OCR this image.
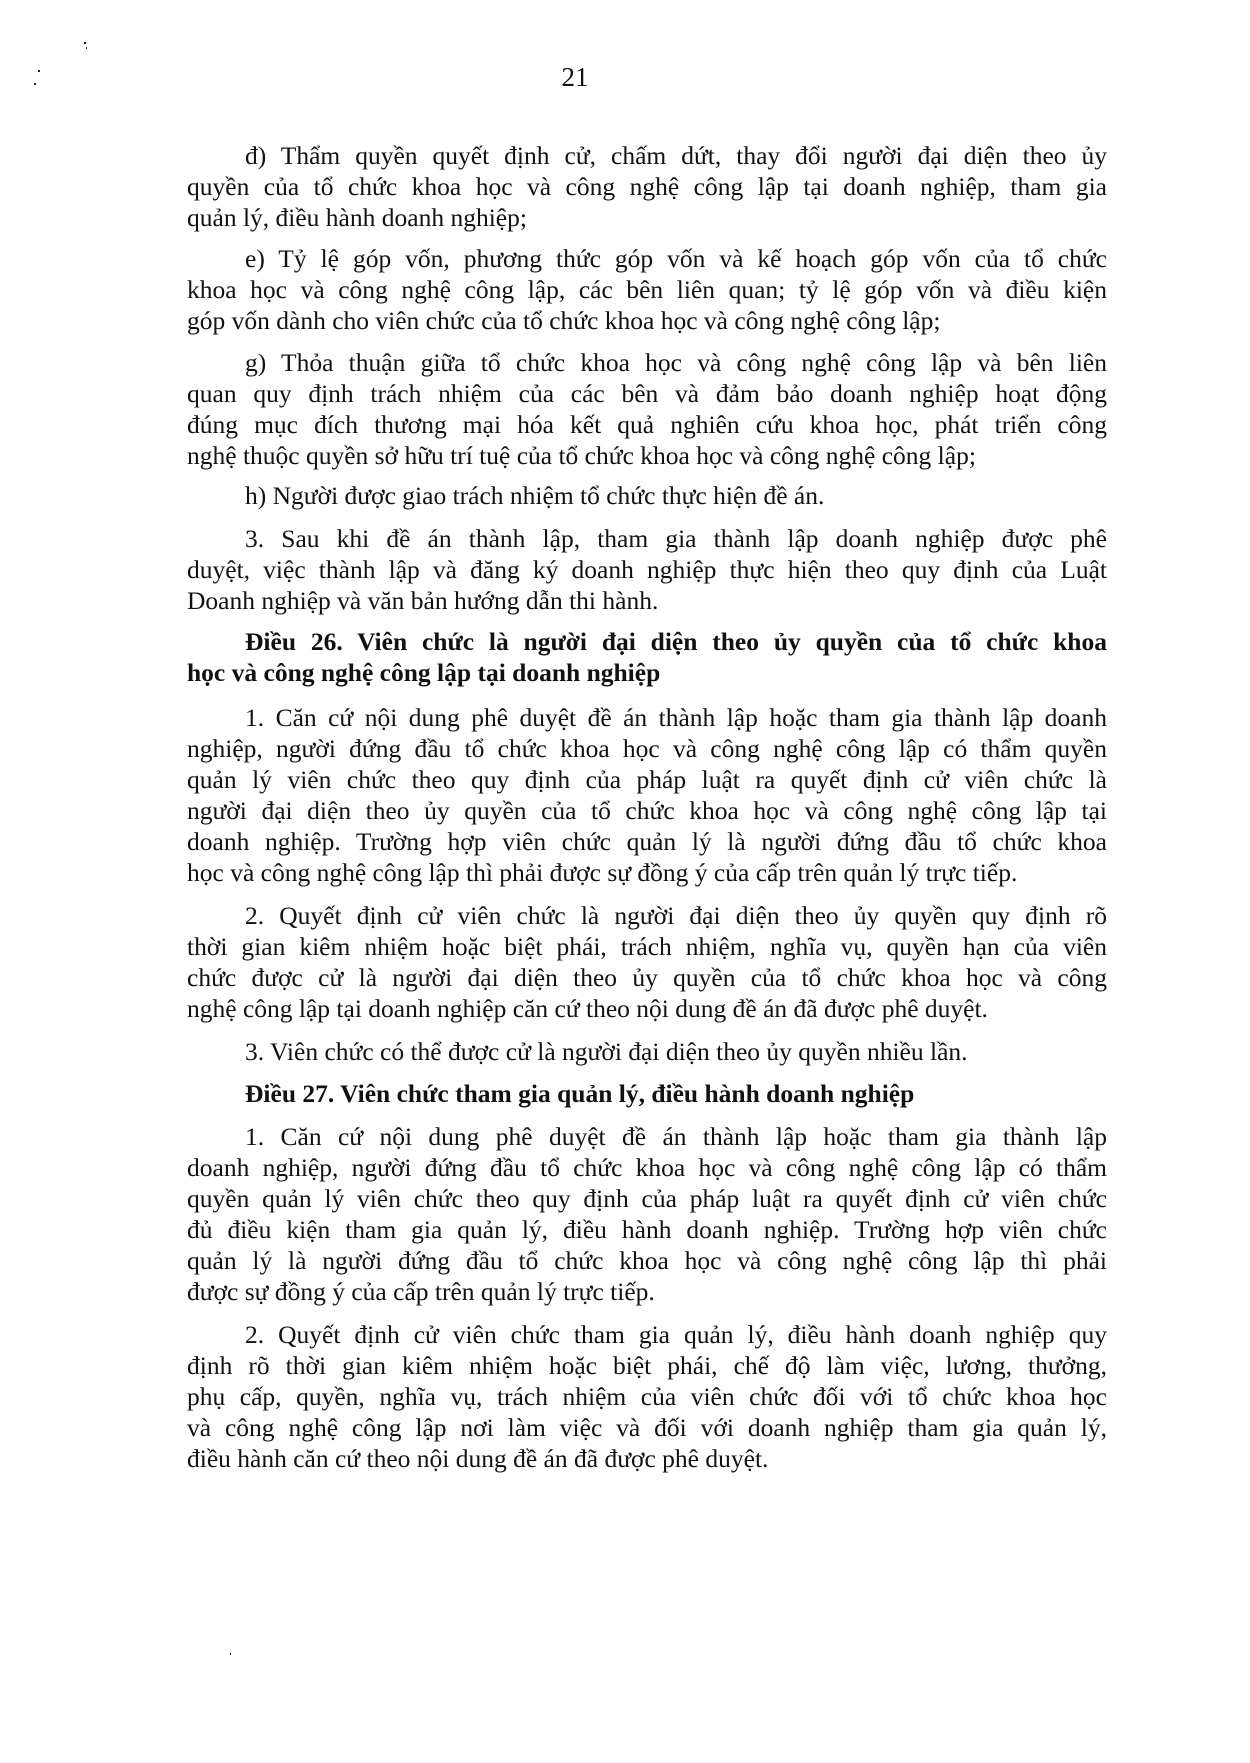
21
đ) Thẩm quyền quyết định cử, chấm dứt, thay đổi người đại diện theo ủy
quyền của tổ chức khoa học và công nghệ công lập tại doanh nghiệp, tham gia
quản lý, điều hành doanh nghiệp;
e) Tỷ lệ góp vốn, phương thức góp vốn và kế hoạch góp vốn của tổ chức
khoa học và công nghệ công lập, các bên liên quan; tỷ lệ góp vốn và điều kiện
góp vốn dành cho viên chức của tổ chức khoa học và công nghệ công lập;
g) Thỏa thuận giữa tổ chức khoa học và công nghệ công lập và bên liên
quan quy định trách nhiệm của các bên và đảm bảo doanh nghiệp hoạt động
đúng mục đích thương mại hóa kết quả nghiên cứu khoa học, phát triển công
nghệ thuộc quyền sở hữu trí tuệ của tổ chức khoa học và công nghệ công lập;
h) Người được giao trách nhiệm tổ chức thực hiện đề án.
3. Sau khi đề án thành lập, tham gia thành lập doanh nghiệp được phê
duyệt, việc thành lập và đăng ký doanh nghiệp thực hiện theo quy định của Luật
Doanh nghiệp và văn bản hướng dẫn thi hành.
Điều 26. Viên chức là người đại diện theo ủy quyền của tổ chức khoa
học và công nghệ công lập tại doanh nghiệp
1. Căn cứ nội dung phê duyệt đề án thành lập hoặc tham gia thành lập doanh
nghiệp, người đứng đầu tổ chức khoa học và công nghệ công lập có thẩm quyền
quản lý viên chức theo quy định của pháp luật ra quyết định cử viên chức là
người đại diện theo ủy quyền của tổ chức khoa học và công nghệ công lập tại
doanh nghiệp. Trường hợp viên chức quản lý là người đứng đầu tổ chức khoa
học và công nghệ công lập thì phải được sự đồng ý của cấp trên quản lý trực tiếp.
2. Quyết định cử viên chức là người đại diện theo ủy quyền quy định rõ
thời gian kiêm nhiệm hoặc biệt phái, trách nhiệm, nghĩa vụ, quyền hạn của viên
chức được cử là người đại diện theo ủy quyền của tổ chức khoa học và công
nghệ công lập tại doanh nghiệp căn cứ theo nội dung đề án đã được phê duyệt.
3. Viên chức có thể được cử là người đại diện theo ủy quyền nhiều lần.
Điều 27. Viên chức tham gia quản lý, điều hành doanh nghiệp
1. Căn cứ nội dung phê duyệt đề án thành lập hoặc tham gia thành lập
doanh nghiệp, người đứng đầu tổ chức khoa học và công nghệ công lập có thẩm
quyền quản lý viên chức theo quy định của pháp luật ra quyết định cử viên chức
đủ điều kiện tham gia quản lý, điều hành doanh nghiệp. Trường hợp viên chức
quản lý là người đứng đầu tổ chức khoa học và công nghệ công lập thì phải
được sự đồng ý của cấp trên quản lý trực tiếp.
2. Quyết định cử viên chức tham gia quản lý, điều hành doanh nghiệp quy
định rõ thời gian kiêm nhiệm hoặc biệt phái, chế độ làm việc, lương, thưởng,
phụ cấp, quyền, nghĩa vụ, trách nhiệm của viên chức đối với tổ chức khoa học
và công nghệ công lập nơi làm việc và đối với doanh nghiệp tham gia quản lý,
điều hành căn cứ theo nội dung đề án đã được phê duyệt.
